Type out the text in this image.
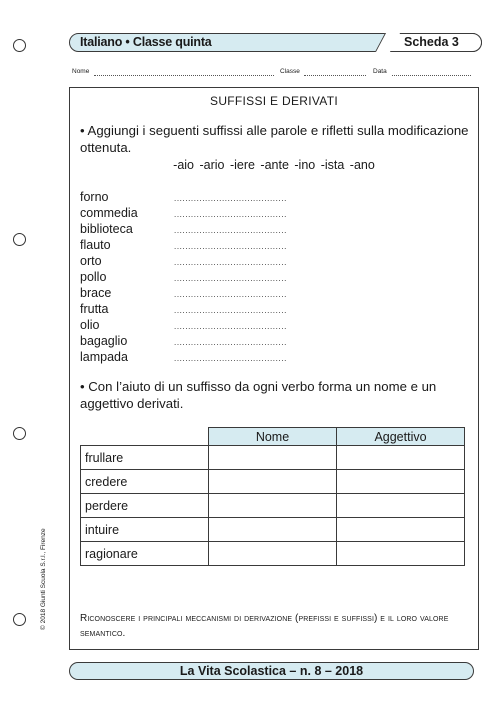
Italiano • Classe quinta	Scheda 3
Nome	Classe	Data
SUFFISSI E DERIVATI
• Aggiungi i seguenti suffissi alle parole e rifletti sulla modificazione ottenuta.
-aio -ario -iere -ante -ino -ista -ano
forno	........................................
commedia	........................................
biblioteca	........................................
flauto	........................................
orto	........................................
pollo	........................................
brace	........................................
frutta	........................................
olio	........................................
bagaglio	........................................
lampada	........................................
• Con l’aiuto di un suffisso da ogni verbo forma un nome e un aggettivo derivati.
	Nome	Aggettivo
frullare		
credere		
perdere		
intuire		
ragionare		
Riconoscere i principali meccanismi di derivazione (prefissi e suffissi) e il loro valore semantico.
© 2018 Giunti Scuola S.r.l., Firenze
La Vita Scolastica – n. 8 – 2018
